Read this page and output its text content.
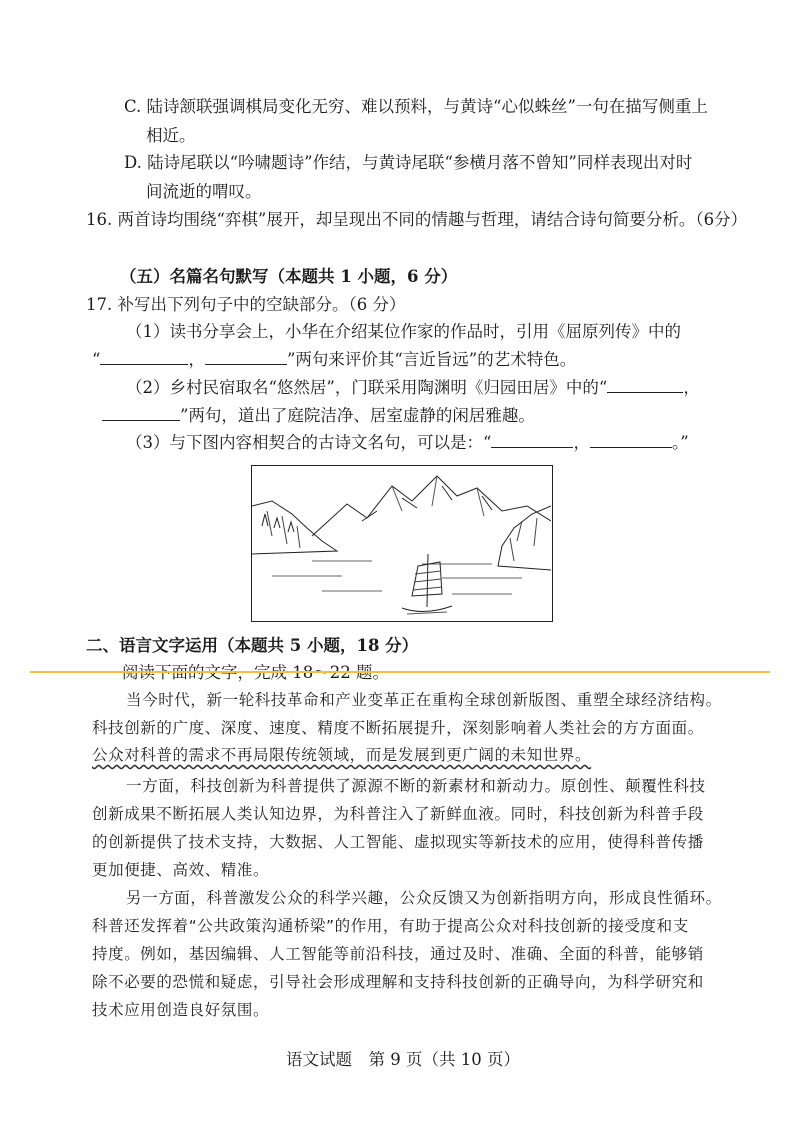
C. 陆诗颔联强调棋局变化无穷、难以预料，与黄诗“心似蛛丝”一句在描写侧重上
相近。
D. 陆诗尾联以“吟啸题诗”作结，与黄诗尾联“参横月落不曾知”同样表现出对时
间流逝的喟叹。
16. 两首诗均围绕“弈棋”展开，却呈现出不同的情趣与哲理，请结合诗句简要分析。（6分）
（五）名篇名句默写（本题共 1 小题，6 分）
17. 补写出下列句子中的空缺部分。（6 分）
（1）读书分享会上，小华在介绍某位作家的作品时，引用《屈原列传》中的
“	，	”两句来评价其“言近旨远”的艺术特色。
（2）乡村民宿取名“悠然居”，门联采用陶渊明《归园田居》中的“	，
”两句，道出了庭院洁净、居室虚静的闲居雅趣。
（3）与下图内容相契合的古诗文名句，可以是：“	，	。”
二、语言文字运用（本题共 5 小题，18 分）
当今时代，新一轮科技革命和产业变革正在重构全球创新版图、重塑全球经济结构。
科技创新的广度、深度、速度、精度不断拓展提升，深刻影响着人类社会的方方面面。
公众对科普的需求不再局限传统领域，而是发展到更广阔的未知世界。
一方面，科技创新为科普提供了源源不断的新素材和新动力。原创性、颠覆性科技
创新成果不断拓展人类认知边界，为科普注入了新鲜血液。同时，科技创新为科普手段
的创新提供了技术支持，大数据、人工智能、虚拟现实等新技术的应用，使得科普传播
更加便捷、高效、精准。
另一方面，科普激发公众的科学兴趣，公众反馈又为创新指明方向，形成良性循环。
科普还发挥着“公共政策沟通桥梁”的作用，有助于提高公众对科技创新的接受度和支
持度。例如，基因编辑、人工智能等前沿科技，通过及时、准确、全面的科普，能够销
除不必要的恐慌和疑虑，引导社会形成理解和支持科技创新的正确导向，为科学研究和
技术应用创造良好氛围。
语文试题　第 9 页（共 10 页）
